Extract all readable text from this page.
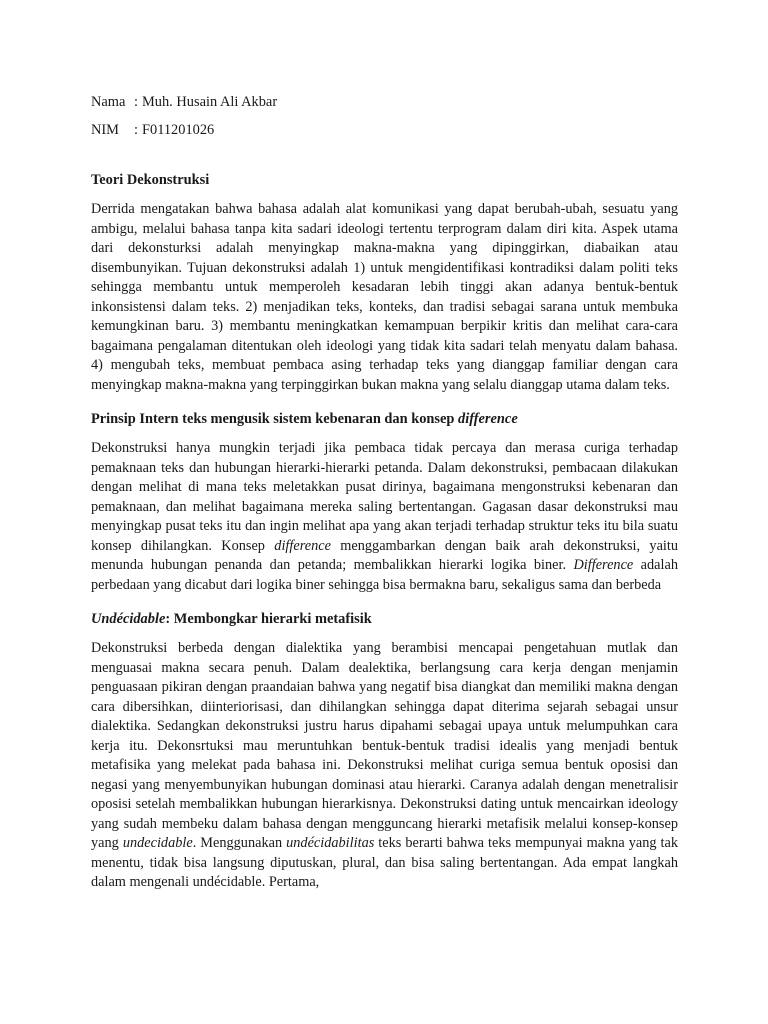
Nama : Muh. Husain Ali Akbar
NIM	: F011201026
Teori Dekonstruksi

Derrida mengatakan bahwa bahasa adalah alat komunikasi yang dapat berubah-ubah, sesuatu yang ambigu, melalui bahasa tanpa kita sadari ideologi tertentu terprogram dalam diri kita. Aspek utama dari dekonsturksi adalah menyingkap makna-makna yang dipinggirkan, diabaikan atau disembunyikan. Tujuan dekonstruksi adalah 1) untuk mengidentifikasi kontradiksi dalam politi teks sehingga membantu untuk memperoleh kesadaran lebih tinggi akan adanya bentuk-bentuk inkonsistensi dalam teks. 2) menjadikan teks, konteks, dan tradisi sebagai sarana untuk membuka kemungkinan baru. 3) membantu meningkatkan kemampuan berpikir kritis dan melihat cara-cara bagaimana pengalaman ditentukan oleh ideologi yang tidak kita sadari telah menyatu dalam bahasa. 4) mengubah teks, membuat pembaca asing terhadap teks yang dianggap familiar dengan cara menyingkap makna-makna yang terpinggirkan bukan makna yang selalu dianggap utama dalam teks.

Prinsip Intern teks mengusik sistem kebenaran dan konsep difference

Dekonstruksi hanya mungkin terjadi jika pembaca tidak percaya dan merasa curiga terhadap pemaknaan teks dan hubungan hierarki-hierarki petanda. Dalam dekonstruksi, pembacaan dilakukan dengan melihat di mana teks meletakkan pusat dirinya, bagaimana mengonstruksi kebenaran dan pemaknaan, dan melihat bagaimana mereka saling bertentangan. Gagasan dasar dekonstruksi mau menyingkap pusat teks itu dan ingin melihat apa yang akan terjadi terhadap struktur teks itu bila suatu konsep dihilangkan. Konsep difference menggambarkan dengan baik arah dekonstruksi, yaitu menunda hubungan penanda dan petanda; membalikkan hierarki logika biner. Difference adalah perbedaan yang dicabut dari logika biner sehingga bisa bermakna baru, sekaligus sama dan berbeda

Undécidable: Membongkar hierarki metafisik

Dekonstruksi berbeda dengan dialektika yang berambisi mencapai pengetahuan mutlak dan menguasai makna secara penuh. Dalam dealektika, berlangsung cara kerja dengan menjamin penguasaan pikiran dengan praandaian bahwa yang negatif bisa diangkat dan memiliki makna dengan cara dibersihkan, diinteriorisasi, dan dihilangkan sehingga dapat diterima sejarah sebagai unsur dialektika. Sedangkan dekonstruksi justru harus dipahami sebagai upaya untuk melumpuhkan cara kerja itu. Dekonsrtuksi mau meruntuhkan bentuk-bentuk tradisi idealis yang menjadi bentuk metafisika yang melekat pada bahasa ini. Dekonstruksi melihat curiga semua bentuk oposisi dan negasi yang menyembunyikan hubungan dominasi atau hierarki. Caranya adalah dengan menetralisir oposisi setelah membalikkan hubungan hierarkisnya. Dekonstruksi dating untuk mencairkan ideology yang sudah membeku dalam bahasa dengan mengguncang hierarki metafisik melalui konsep-konsep yang undecidable. Menggunakan undécidabilitas teks berarti bahwa teks mempunyai makna yang tak menentu, tidak bisa langsung diputuskan, plural, dan bisa saling bertentangan. Ada empat langkah dalam mengenali undécidable. Pertama,
